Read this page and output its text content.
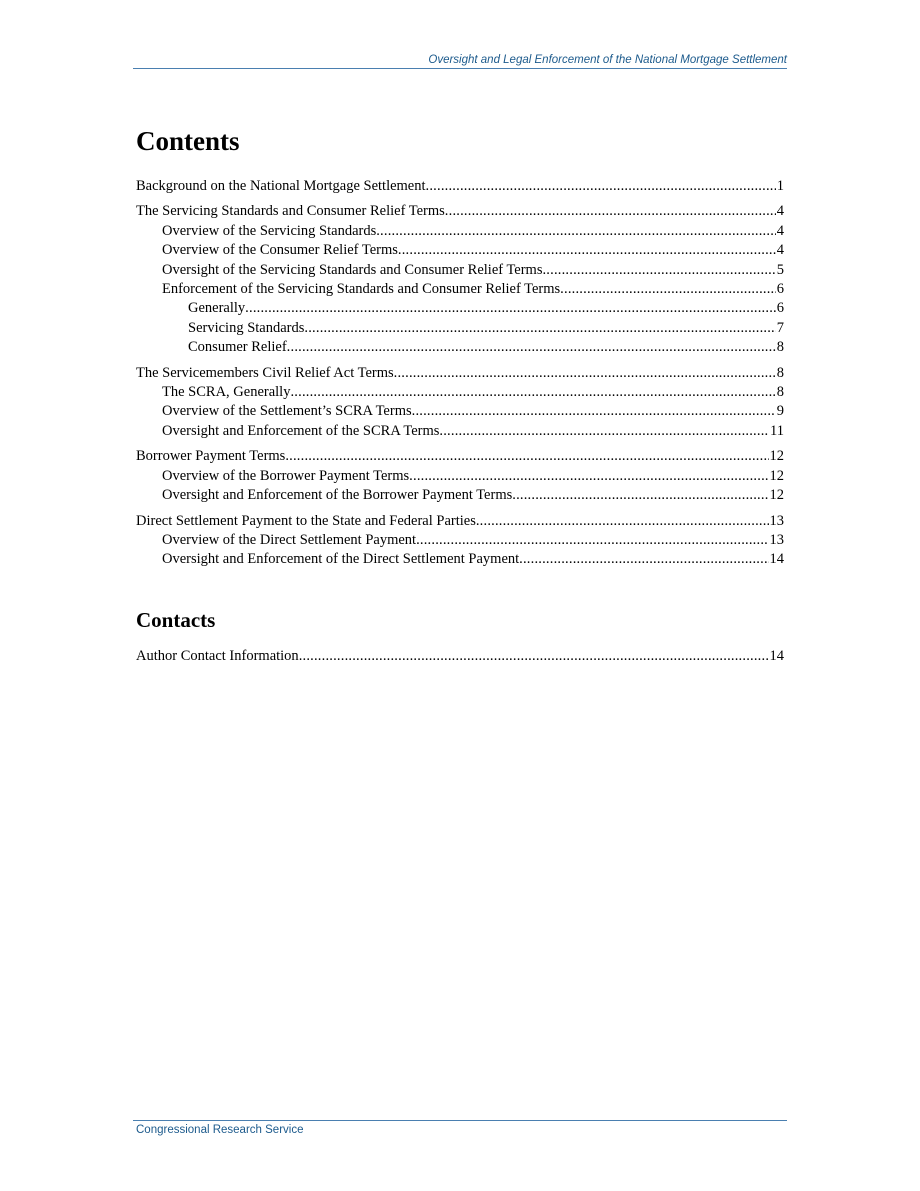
Oversight and Legal Enforcement of the National Mortgage Settlement
Contents
Background on the National Mortgage Settlement .....	1
The Servicing Standards and Consumer Relief Terms .....	4
Overview of the Servicing Standards .....	4
Overview of the Consumer Relief Terms .....	4
Oversight of the Servicing Standards and Consumer Relief Terms .....	5
Enforcement of the Servicing Standards and Consumer Relief Terms .....	6
Generally .....	6
Servicing Standards .....	7
Consumer Relief .....	8
The Servicemembers Civil Relief Act Terms .....	8
The SCRA, Generally .....	8
Overview of the Settlement’s SCRA Terms .....	9
Oversight and Enforcement of the SCRA Terms .....	11
Borrower Payment Terms .....	12
Overview of the Borrower Payment Terms .....	12
Oversight and Enforcement of the Borrower Payment Terms .....	12
Direct Settlement Payment to the State and Federal Parties .....	13
Overview of the Direct Settlement Payment .....	13
Oversight and Enforcement of the Direct Settlement Payment .....	14
Contacts
Author Contact Information .....	14
Congressional Research Service
